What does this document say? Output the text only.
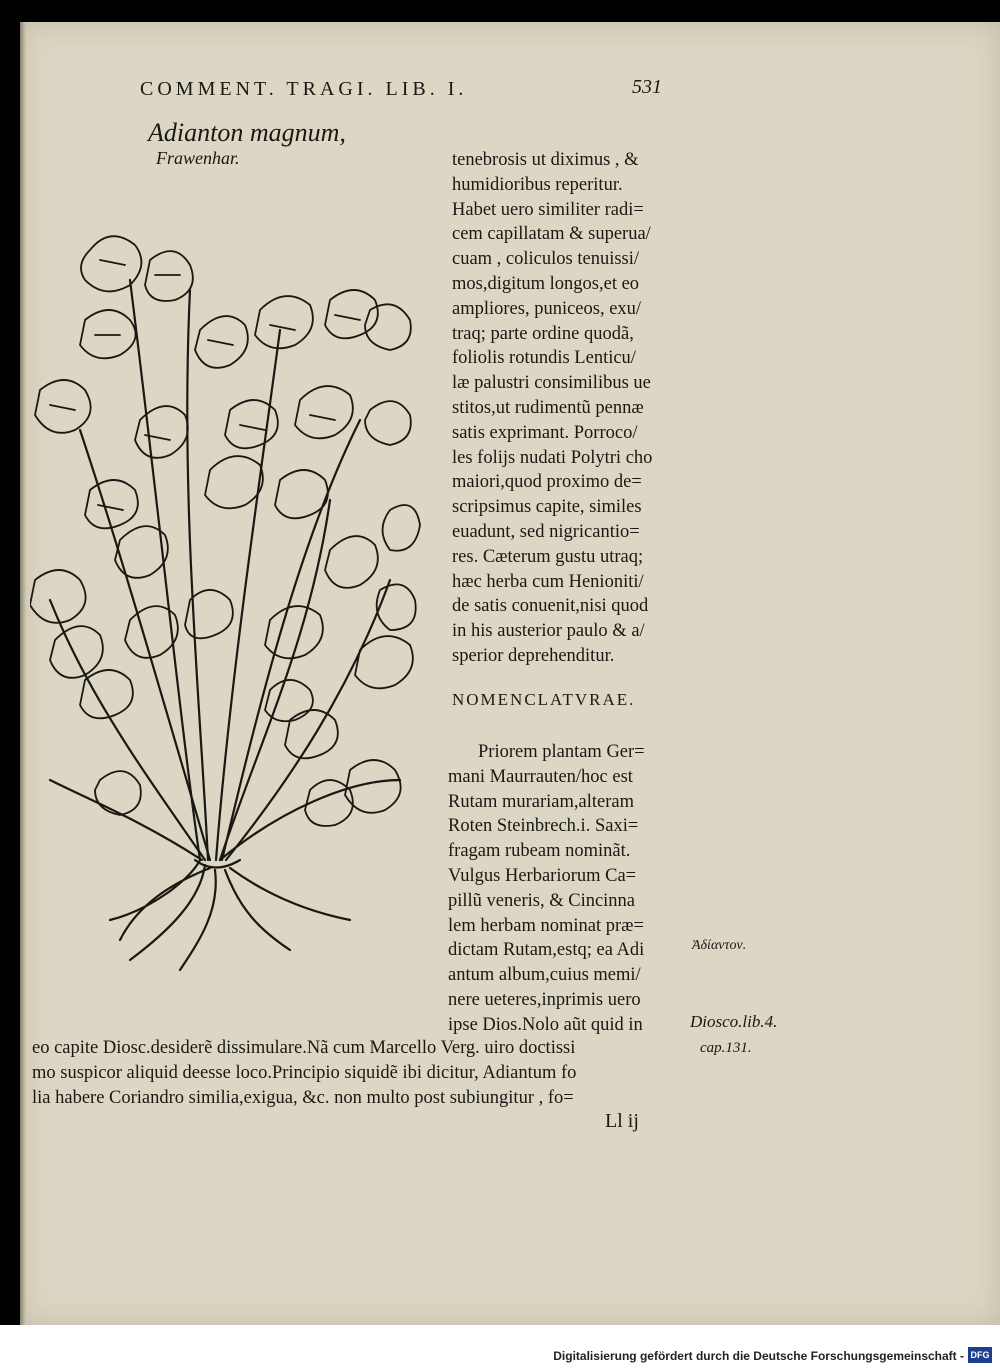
COMMENT. TRAGI. LIB. I.	531
Adianton magnum,
Frawenhar.	tenebrosis ut diximus , &
humidioribus reperitur.
Habet uero similiter radi=
cem capillatam & superua/
cuam , coliculos tenuissi/
mos,digitum longos,et eo
ampliores, puniceos, exu/
traq; parte ordine quodã,
foliolis rotundis Lenticu/
læ palustri consimilibus ue
stitos,ut rudimentũ pennæ
satis exprimant. Porroco/
les folijs nudati Polytri cho
maiori,quod proximo de=
scripsimus capite, similes
euadunt, sed nigricantio=
res. Cæterum gustu utraq;
hæc herba cum Henioniti/
de satis conuenit,nisi quod
in his austerior paulo & a/
sperior deprehenditur.
NOMENCLATVRAE.
Priorem plantam Ger=
mani Maurrauten/hoc est
Rutam murariam,alteram
Roten Steinbrech.i. Saxi=
fragam rubeam nominãt.
Vulgus Herbariorum Ca=
pillũ veneris, & Cincinna
lem herbam nominat præ=
dictam Rutam,estq; ea Adi
antum album,cuius memi/
nere ueteres,inprimis uero
ipse Dios.Nolo aũt quid in
eo capite Diosc.desiderẽ dissimulare.Nã cum Marcello Verg. uiro doctissi
mo suspicor aliquid deesse loco.Principio siquidẽ ibi dicitur, Adiantum fo
lia habere Coriandro similia,exigua, &c. non multo post subiungitur , fo=
Ll ij
Ἀδίαντον.
Diosco.lib.4.
cap.131.
Digitalisierung gefördert durch die Deutsche Forschungsgemeinschaft - DFG
